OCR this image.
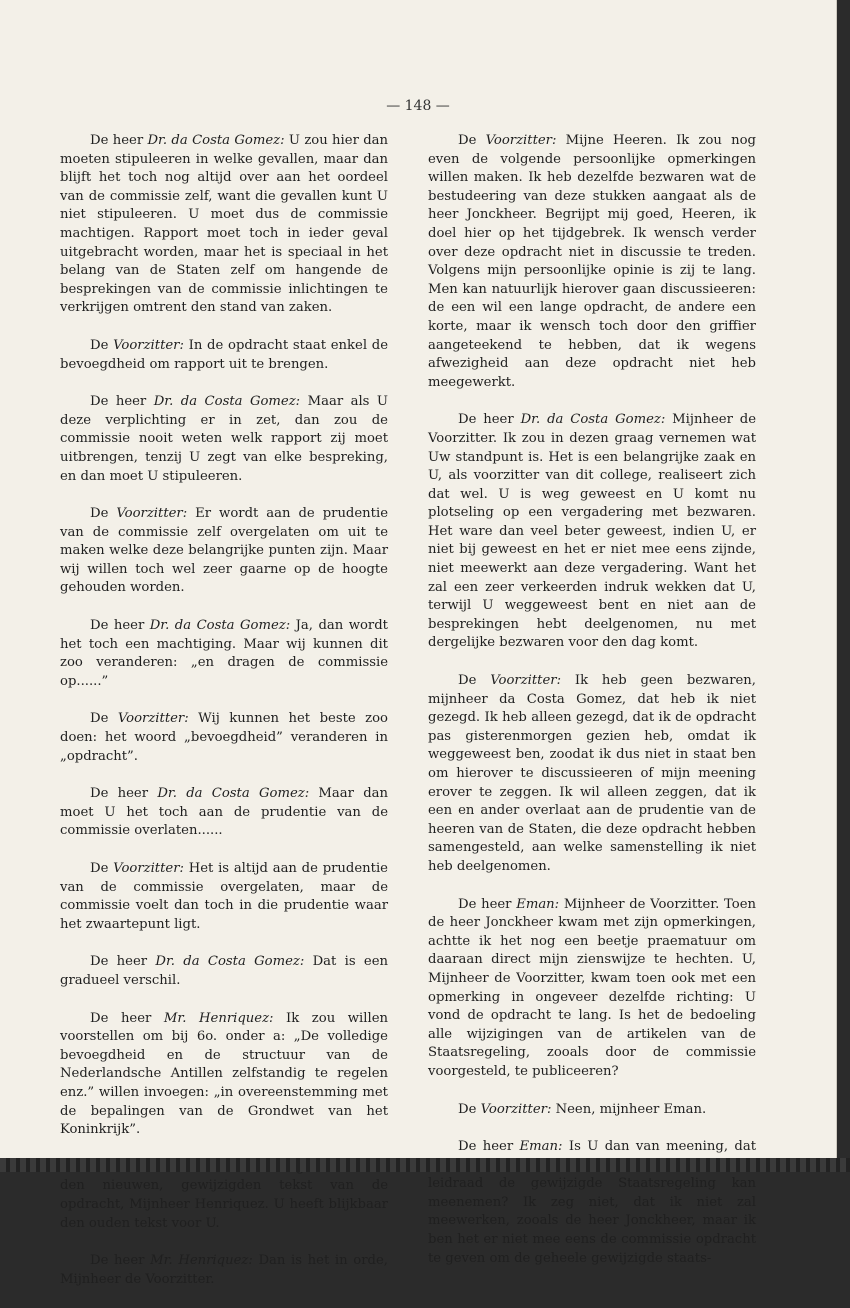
— 148 —

De heer Dr. da Costa Gomez: U zou hier dan moeten stipuleeren in welke gevallen, maar dan blijft het toch nog altijd over aan het oordeel van de commissie zelf, want die gevallen kunt U niet stipuleeren. U moet dus de commissie machtigen. Rapport moet toch in ieder geval uitgebracht worden, maar het is speciaal in het belang van de Staten zelf om hangende de besprekingen van de commissie inlichtingen te verkrijgen omtrent den stand van zaken.

De Voorzitter: In de opdracht staat enkel de bevoegdheid om rapport uit te brengen.

De heer Dr. da Costa Gomez: Maar als U deze verplichting er in zet, dan zou de commissie nooit weten welk rapport zij moet uitbrengen, tenzij U zegt van elke bespreking, en dan moet U stipuleeren.

De Voorzitter: Er wordt aan de prudentie van de commissie zelf overgelaten om uit te maken welke deze belangrijke punten zijn. Maar wij willen toch wel zeer gaarne op de hoogte gehouden worden.

De heer Dr. da Costa Gomez: Ja, dan wordt het toch een machtiging. Maar wij kunnen dit zoo veranderen: „en dragen de commissie op......”

De Voorzitter: Wij kunnen het beste zoo doen: het woord „bevoegdheid” veranderen in „opdracht”.

De heer Dr. da Costa Gomez: Maar dan moet U het toch aan de prudentie van de commissie overlaten......

De Voorzitter: Het is altijd aan de prudentie van de commissie overgelaten, maar de commissie voelt dan toch in die prudentie waar het zwaartepunt ligt.

De heer Dr. da Costa Gomez: Dat is een gradueel verschil.

De heer Mr. Henriquez: Ik zou willen voorstellen om bij 6o. onder a: „De volledige bevoegdheid en de structuur van de Nederlandsche Antillen zelfstandig te regelen enz.” willen invoegen: „in overeenstemming met de bepalingen van de Grondwet van het Koninkrijk”.

den nieuwen, gewijzigden tekst van de opdracht, Mijnheer Henriquez. U heeft blijkbaar den ouden tekst voor U.

De heer Mr. Henriquez: Dan is het in orde, Mijnheer de Voorzitter.

De Voorzitter: Mijne Heeren. Ik zou nog even de volgende persoonlijke opmerkingen willen maken. Ik heb dezelfde bezwaren wat de bestudeering van deze stukken aangaat als de heer Jonckheer. Begrijpt mij goed, Heeren, ik doel hier op het tijdgebrek. Ik wensch verder over deze opdracht niet in discussie te treden. Volgens mijn persoonlijke opinie is zij te lang. Men kan natuurlijk hierover gaan discussieeren: de een wil een lange opdracht, de andere een korte, maar ik wensch toch door den griffier aangeteekend te hebben, dat ik wegens afwezigheid aan deze opdracht niet heb meegewerkt.

De heer Dr. da Costa Gomez: Mijnheer de Voorzitter. Ik zou in dezen graag vernemen wat Uw standpunt is. Het is een belangrijke zaak en U, als voorzitter van dit college, realiseert zich dat wel. U is weg geweest en U komt nu plotseling op een vergadering met bezwaren. Het ware dan veel beter geweest, indien U, er niet bij geweest en het er niet mee eens zijnde, niet meewerkt aan deze vergadering. Want het zal een zeer verkeerden indruk wekken dat U, terwijl U weggeweest bent en niet aan de besprekingen hebt deelgenomen, nu met dergelijke bezwaren voor den dag komt.

De Voorzitter: Ik heb geen bezwaren, mijnheer da Costa Gomez, dat heb ik niet gezegd. Ik heb alleen gezegd, dat ik de opdracht pas gisterenmorgen gezien heb, omdat ik weggeweest ben, zoodat ik dus niet in staat ben om hierover te discussieeren of mijn meening erover te zeggen. Ik wil alleen zeggen, dat ik een en ander overlaat aan de prudentie van de heeren van de Staten, die deze opdracht hebben samengesteld, aan welke samenstelling ik niet heb deelgenomen.

De heer Eman: Mijnheer de Voorzitter. Toen de heer Jonckheer kwam met zijn opmerkingen, achtte ik het nog een beetje praematuur om daaraan direct mijn zienswijze te hechten. U, Mijnheer de Voorzitter, kwam toen ook met een opmerking in ongeveer dezelfde richting: U vond de opdracht te lang. Is het de bedoeling alle wijzigingen van de artikelen van de Staatsregeling, zooals door de commissie voorgesteld, te publiceeren?

De Voorzitter: Neen, mijnheer Eman.

De heer Eman: Is U dan van meening, dat leidraad de gewijzigde Staatsregeling kan meenemen? Ik zeg niet, dat ik niet zal meewerken, zooals de heer Jonckheer, maar ik ben het er niet mee eens de commissie opdracht te geven om de geheele gewijzigde staats-
